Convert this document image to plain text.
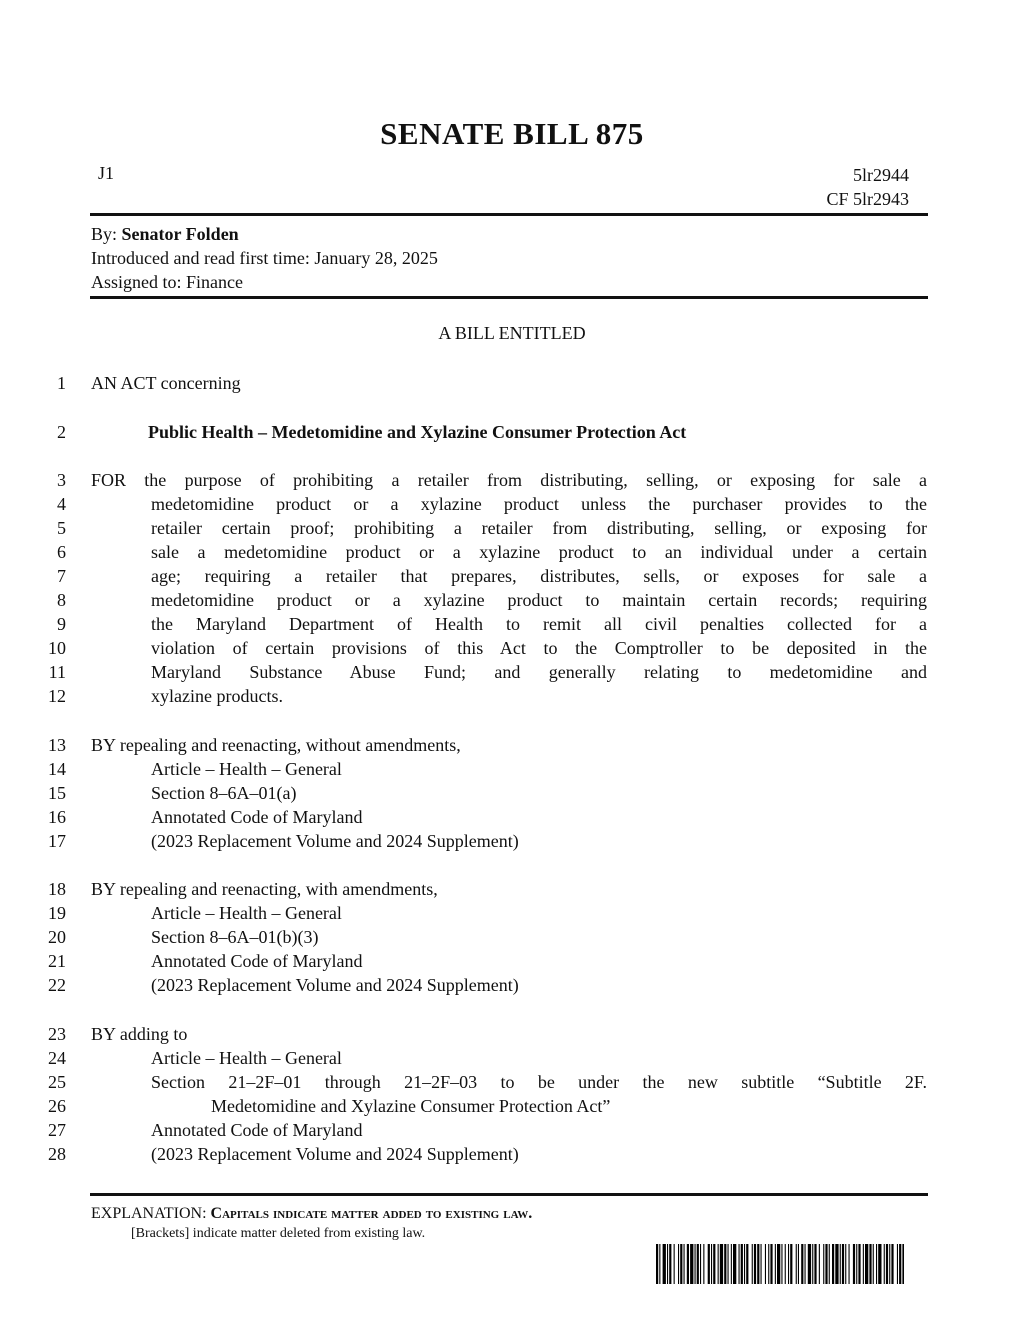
SENATE BILL 875
J1	5lr2944
CF 5lr2943
By: Senator Folden
Introduced and read first time: January 28, 2025
Assigned to: Finance
A BILL ENTITLED
1 AN ACT concerning
2	Public Health – Medetomidine and Xylazine Consumer Protection Act
3 FOR the purpose of prohibiting a retailer from distributing, selling, or exposing for sale a
4	medetomidine product or a xylazine product unless the purchaser provides to the
5	retailer certain proof; prohibiting a retailer from distributing, selling, or exposing for
6	sale a medetomidine product or a xylazine product to an individual under a certain
7	age; requiring a retailer that prepares, distributes, sells, or exposes for sale a
8	medetomidine product or a xylazine product to maintain certain records; requiring
9	the Maryland Department of Health to remit all civil penalties collected for a
10	violation of certain provisions of this Act to the Comptroller to be deposited in the
11	Maryland Substance Abuse Fund; and generally relating to medetomidine and
12	xylazine products.
13 BY repealing and reenacting, without amendments,
14	Article – Health – General
15	Section 8–6A–01(a)
16	Annotated Code of Maryland
17	(2023 Replacement Volume and 2024 Supplement)
18 BY repealing and reenacting, with amendments,
19	Article – Health – General
20	Section 8–6A–01(b)(3)
21	Annotated Code of Maryland
22	(2023 Replacement Volume and 2024 Supplement)
23 BY adding to
24	Article – Health – General
25	Section 21–2F–01 through 21–2F–03 to be under the new subtitle “Subtitle 2F.
26	Medetomidine and Xylazine Consumer Protection Act”
27	Annotated Code of Maryland
28	(2023 Replacement Volume and 2024 Supplement)
EXPLANATION: Capitals indicate matter added to existing law.
[Brackets] indicate matter deleted from existing law.
